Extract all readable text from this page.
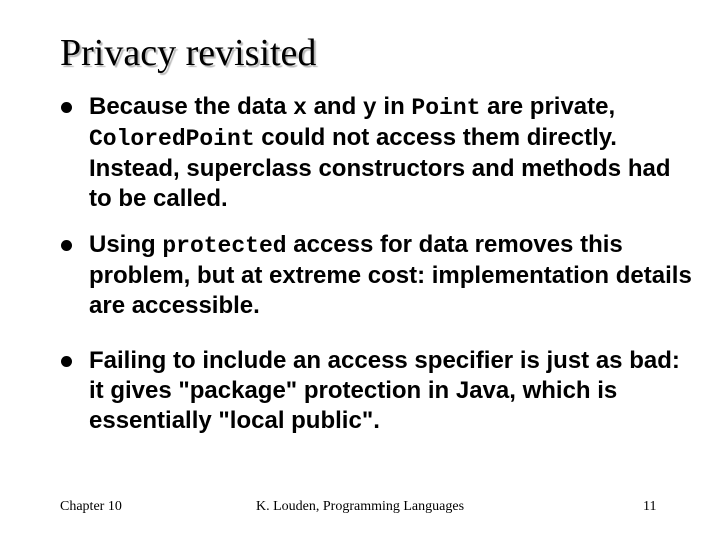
Privacy revisited
Because the data x and y in Point are private, ColoredPoint could not access them directly. Instead, superclass constructors and methods had to be called.
Using protected access for data removes this problem, but at extreme cost: implementation details are accessible.
Failing to include an access specifier is just as bad: it gives "package" protection in Java, which is essentially "local public".
Chapter 10	K. Louden, Programming Languages	11
